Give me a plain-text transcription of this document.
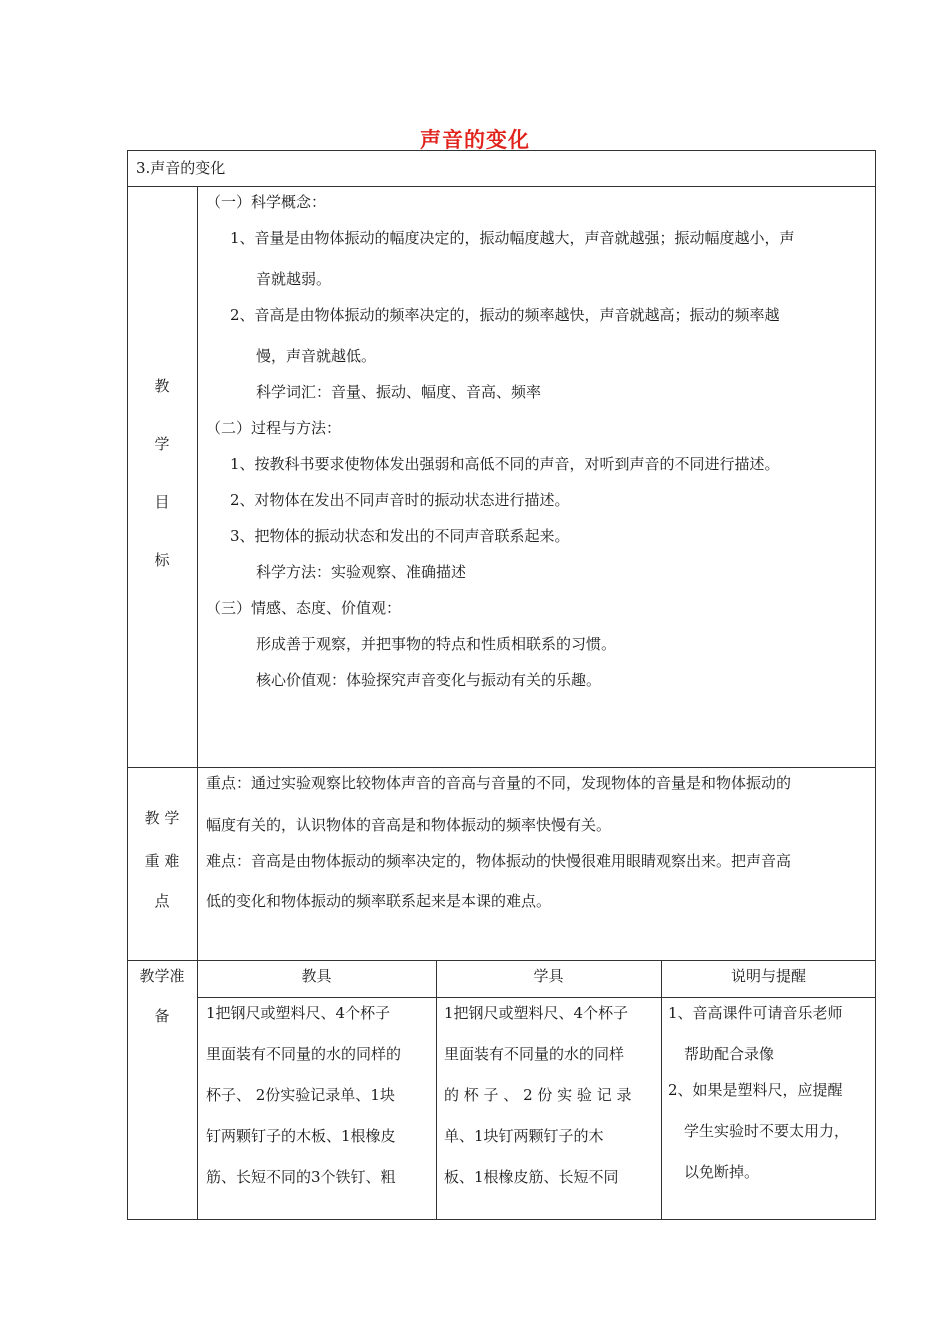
声音的变化
3.声音的变化
教
学
目
标
（一）科学概念：
1、音量是由物体振动的幅度决定的，振动幅度越大，声音就越强；振动幅度越小，声
音就越弱。
2、音高是由物体振动的频率决定的，振动的频率越快，声音就越高；振动的频率越
慢，声音就越低。
科学词汇：音量、振动、幅度、音高、频率
（二）过程与方法：
1、按教科书要求使物体发出强弱和高低不同的声音，对听到声音的不同进行描述。
2、对物体在发出不同声音时的振动状态进行描述。
3、把物体的振动状态和发出的不同声音联系起来。
科学方法：实验观察、准确描述
（三）情感、态度、价值观：
形成善于观察，并把事物的特点和性质相联系的习惯。
核心价值观：体验探究声音变化与振动有关的乐趣。
教 学
重 难
点
重点：通过实验观察比较物体声音的音高与音量的不同，发现物体的音量是和物体振动的
幅度有关的，认识物体的音高是和物体振动的频率快慢有关。
难点：音高是由物体振动的频率决定的，物体振动的快慢很难用眼睛观察出来。把声音高
低的变化和物体振动的频率联系起来是本课的难点。
教学准
备
教具	学具	说明与提醒
1把钢尺或塑料尺、4个杯子
里面装有不同量的水的同样的
杯子、 2份实验记录单、1块
钉两颗钉子的木板、1根橡皮
筋、长短不同的3个铁钉、粗
1把钢尺或塑料尺、4个杯子
里面装有不同量的水的同样
的 杯 子 、 2 份 实 验 记 录
单、1块钉两颗钉子的木
板、1根橡皮筋、长短不同
1、音高课件可请音乐老师
帮助配合录像
2、如果是塑料尺，应提醒
学生实验时不要太用力，
以免断掉。
